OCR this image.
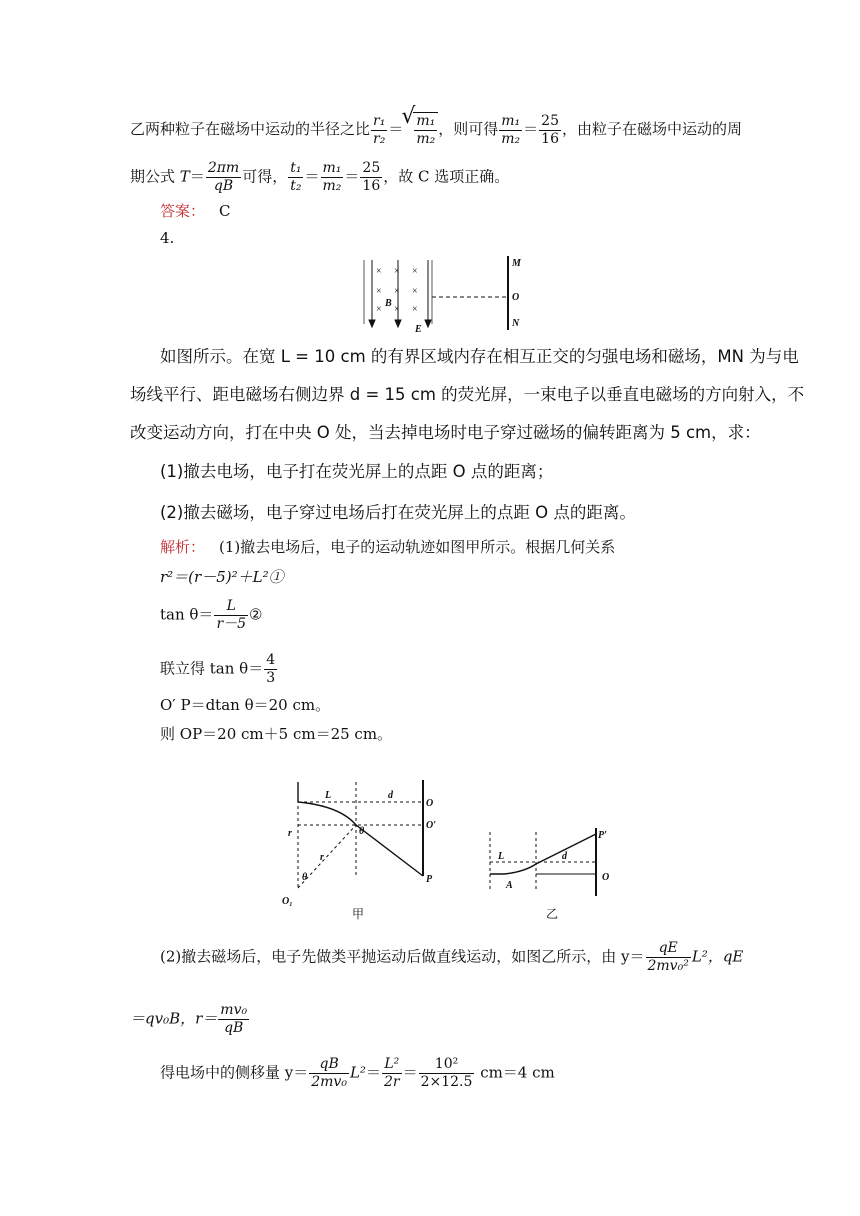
乙两种粒子在磁场中运动的半径之比 $\frac{\text{r₁}}{\text{r₂}}$ ＝
√ $\frac{\text{m₁}}{\text{m₂}}$ ，则可得 $\frac{\text{m₁}}{\text{m₂}} = \frac{25}{16}$ ，由粒子在磁场中运动的周
期公式 $T= \frac{2\pi m}{qB}$ 可得， $\frac{\text{t₁}}{\text{t₂}} = \frac{\text{m₁}}{\text{m₂}} = \frac{25}{16}$ ，故 C 选项正确。
答案： C
4.
× × ×
× × ×
× × ×
M
O
N
B
E
如图所示。在宽 L = 10 cm 的有界区域内存在相互正交的匀强电场和磁场，MN 为与电
场线平行、距电磁场右侧边界 d = 15 cm 的荧光屏，一束电子以垂直电磁场的方向射入，不
改变运动方向，打在中央 O 处，当去掉电场时电子穿过磁场的偏转距离为 5 cm，求：
(1)撤去电场，电子打在荧光屏上的点距 O 点的距离；
(2)撤去磁场，电子穿过电场后打在荧光屏上的点距 O 点的距离。
解析： (1)撤去电场后，电子的运动轨迹如图甲所示。根据几何关系
r²＝(r－5)²＋L²①
$\tan \theta= \frac{L}{r-5}$ ②
联立得 $\tan \theta= \frac{4}{3}$
O′ P＝dtan θ＝20 cm。
则 OP＝20 cm＋5 cm＝25 cm。
L	d
O
O′
r	θ
r
θ
O₁
P
甲
P′
L	d
A
O
乙
(2)撤去磁场后，电子先做类平抛运动后做直线运动，如图乙所示，由 $y= \frac{qE}{\text{2mv₀²}} L^2$，qE
＝qv₀B，$r= \frac{\text{mv₀}}{qB}$
得电场中的侧移量 $y= \frac{qB}{\text{2mv₀}} L^2= \frac{\text{L²}}{2r} = \frac{\text{10²}}{2\times 12.5} cm=4$ cm
